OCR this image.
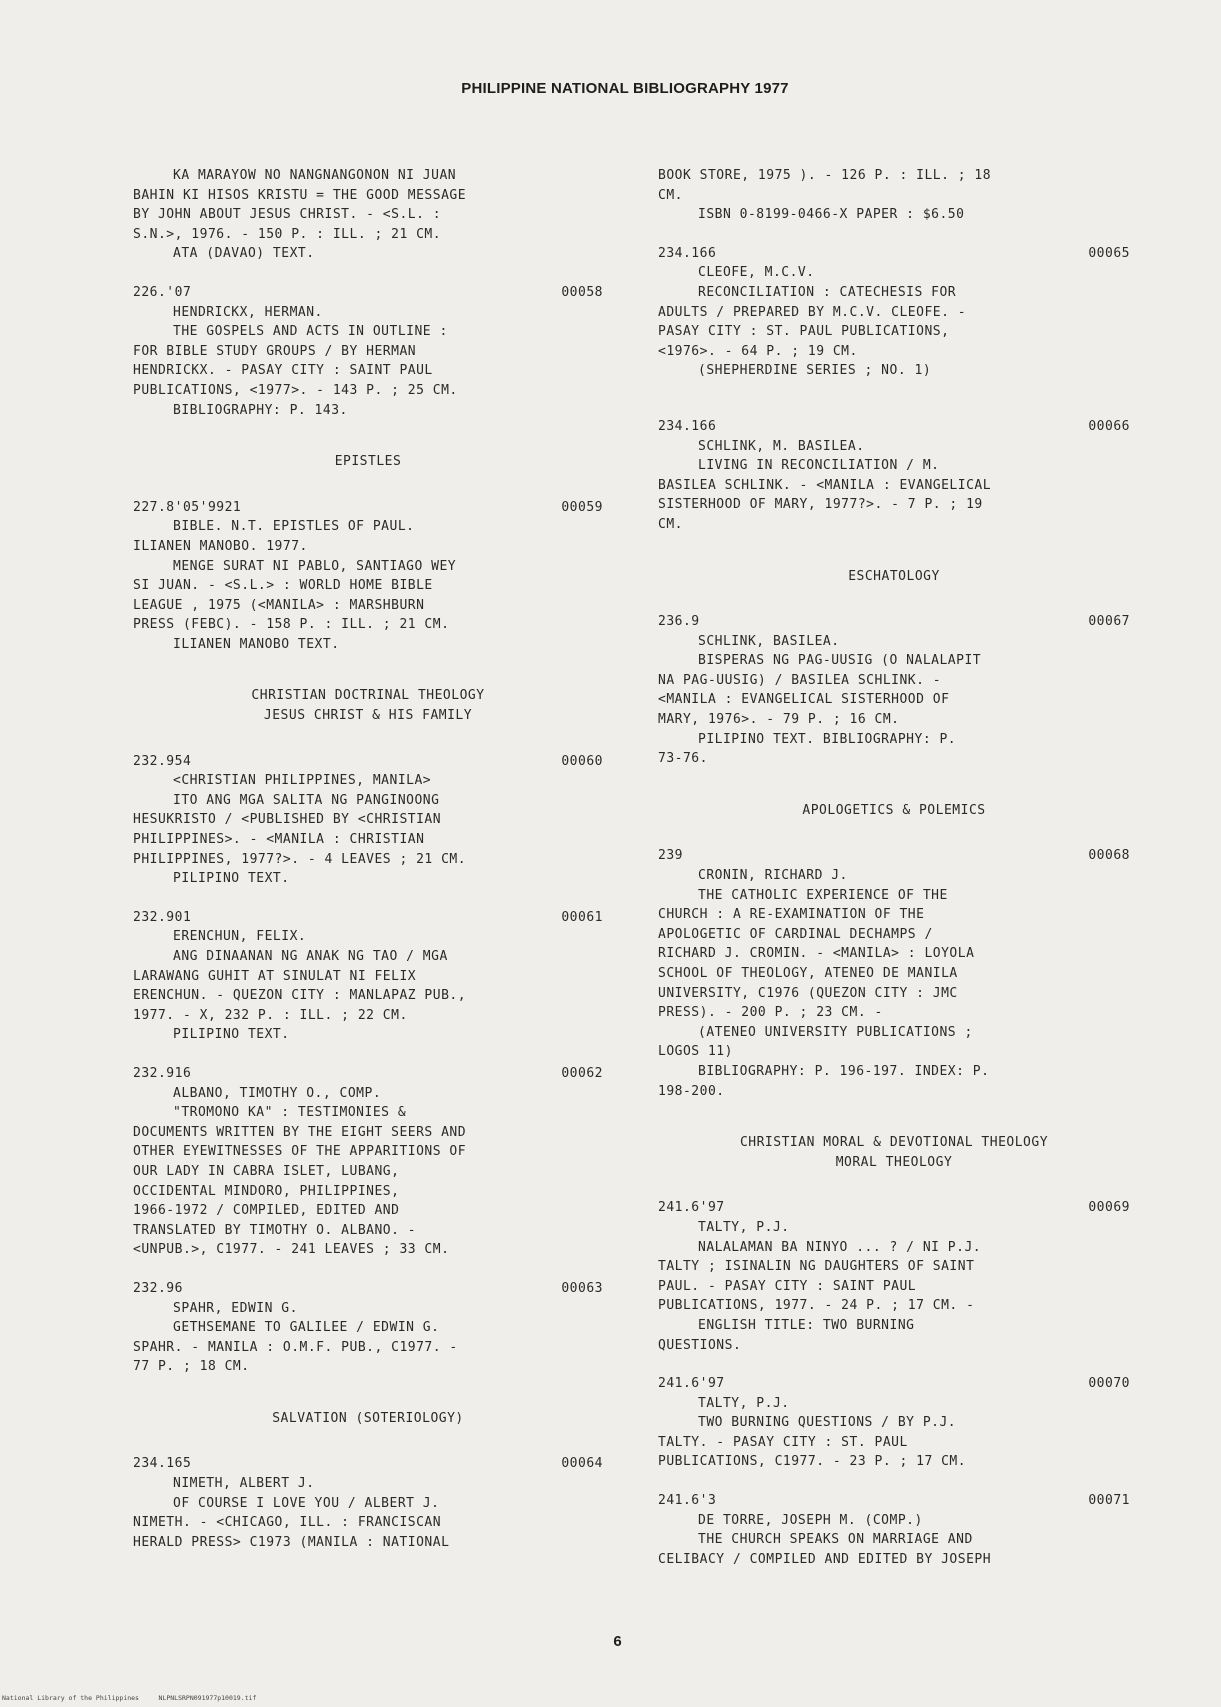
PHILIPPINE NATIONAL BIBLIOGRAPHY 1977
KA MARAYOW NO NANGNANGONON NI JUAN
BAHIN KI HISOS KRISTU = THE GOOD MESSAGE
BY JOHN ABOUT JESUS CHRIST. - <S.L. :
S.N.>, 1976. - 150 P. : ILL. ; 21 CM.
ATA (DAVAO) TEXT.
226.'07	00058
HENDRICKX, HERMAN.
THE GOSPELS AND ACTS IN OUTLINE :
FOR BIBLE STUDY GROUPS / BY HERMAN
HENDRICKX. - PASAY CITY : SAINT PAUL
PUBLICATIONS, <1977>. - 143 P. ; 25 CM.
BIBLIOGRAPHY: P. 143.
EPISTLES
227.8'05'9921	00059
BIBLE. N.T. EPISTLES OF PAUL.
ILIANEN MANOBO. 1977.
MENGE SURAT NI PABLO, SANTIAGO WEY
SI JUAN. - <S.L.> : WORLD HOME BIBLE
LEAGUE , 1975 (<MANILA> : MARSHBURN
PRESS (FEBC). - 158 P. : ILL. ; 21 CM.
ILIANEN MANOBO TEXT.
CHRISTIAN DOCTRINAL THEOLOGY
JESUS CHRIST & HIS FAMILY
232.954	00060
<CHRISTIAN PHILIPPINES, MANILA>
ITO ANG MGA SALITA NG PANGINOONG
HESUKRISTO / <PUBLISHED BY <CHRISTIAN
PHILIPPINES>. - <MANILA : CHRISTIAN
PHILIPPINES, 1977?>. - 4 LEAVES ; 21 CM.
PILIPINO TEXT.
232.901	00061
ERENCHUN, FELIX.
ANG DINAANAN NG ANAK NG TAO / MGA
LARAWANG GUHIT AT SINULAT NI FELIX
ERENCHUN. - QUEZON CITY : MANLAPAZ PUB.,
1977. - X, 232 P. : ILL. ; 22 CM.
PILIPINO TEXT.
232.916	00062
ALBANO, TIMOTHY O., COMP.
"TROMONO KA" : TESTIMONIES &
DOCUMENTS WRITTEN BY THE EIGHT SEERS AND
OTHER EYEWITNESSES OF THE APPARITIONS OF
OUR LADY IN CABRA ISLET, LUBANG,
OCCIDENTAL MINDORO, PHILIPPINES,
1966-1972 / COMPILED, EDITED AND
TRANSLATED BY TIMOTHY O. ALBANO. -
<UNPUB.>, C1977. - 241 LEAVES ; 33 CM.
232.96	00063
SPAHR, EDWIN G.
GETHSEMANE TO GALILEE / EDWIN G.
SPAHR. - MANILA : O.M.F. PUB., C1977. -
77 P. ; 18 CM.
SALVATION (SOTERIOLOGY)
234.165	00064
NIMETH, ALBERT J.
OF COURSE I LOVE YOU / ALBERT J.
NIMETH. - <CHICAGO, ILL. : FRANCISCAN
HERALD PRESS> C1973 (MANILA : NATIONAL
BOOK STORE, 1975 ). - 126 P. : ILL. ; 18
CM.
ISBN 0-8199-0466-X PAPER : $6.50
234.166	00065
CLEOFE, M.C.V.
RECONCILIATION : CATECHESIS FOR
ADULTS / PREPARED BY M.C.V. CLEOFE. -
PASAY CITY : ST. PAUL PUBLICATIONS,
<1976>. - 64 P. ; 19 CM.
(SHEPHERDINE SERIES ; NO. 1)
234.166	00066
SCHLINK, M. BASILEA.
LIVING IN RECONCILIATION / M.
BASILEA SCHLINK. - <MANILA : EVANGELICAL
SISTERHOOD OF MARY, 1977?>. - 7 P. ; 19
CM.
ESCHATOLOGY
236.9	00067
SCHLINK, BASILEA.
BISPERAS NG PAG-UUSIG (O NALALAPIT
NA PAG-UUSIG) / BASILEA SCHLINK. -
<MANILA : EVANGELICAL SISTERHOOD OF
MARY, 1976>. - 79 P. ; 16 CM.
PILIPINO TEXT. BIBLIOGRAPHY: P.
73-76.
APOLOGETICS & POLEMICS
239	00068
CRONIN, RICHARD J.
THE CATHOLIC EXPERIENCE OF THE
CHURCH : A RE-EXAMINATION OF THE
APOLOGETIC OF CARDINAL DECHAMPS /
RICHARD J. CROMIN. - <MANILA> : LOYOLA
SCHOOL OF THEOLOGY, ATENEO DE MANILA
UNIVERSITY, C1976 (QUEZON CITY : JMC
PRESS). - 200 P. ; 23 CM. -
(ATENEO UNIVERSITY PUBLICATIONS ;
LOGOS 11)
BIBLIOGRAPHY: P. 196-197. INDEX: P.
198-200.
CHRISTIAN MORAL & DEVOTIONAL THEOLOGY
MORAL THEOLOGY
241.6'97	00069
TALTY, P.J.
NALALAMAN BA NINYO ... ? / NI P.J.
TALTY ; ISINALIN NG DAUGHTERS OF SAINT
PAUL. - PASAY CITY : SAINT PAUL
PUBLICATIONS, 1977. - 24 P. ; 17 CM. -
ENGLISH TITLE: TWO BURNING
QUESTIONS.
241.6'97	00070
TALTY, P.J.
TWO BURNING QUESTIONS / BY P.J.
TALTY. - PASAY CITY : ST. PAUL
PUBLICATIONS, C1977. - 23 P. ; 17 CM.
241.6'3	00071
DE TORRE, JOSEPH M. (COMP.)
THE CHURCH SPEAKS ON MARRIAGE AND
CELIBACY / COMPILED AND EDITED BY JOSEPH
6
National Library of the Philippines     NLPNLSRPN091977p10019.tif
